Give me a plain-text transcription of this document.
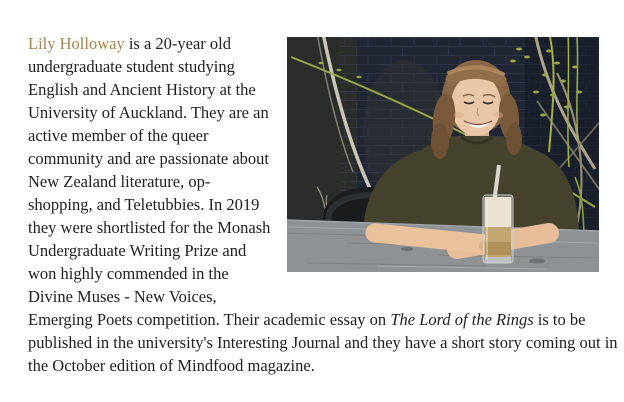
Lily Holloway is a 20-year old
undergraduate student studying
English and Ancient History at the
University of Auckland. They are an
active member of the queer
community and are passionate about
New Zealand literature, op-
shopping, and Teletubbies. In 2019
they were shortlisted for the Monash
Undergraduate Writing Prize and
won highly commended in the
Divine Muses - New Voices,
Emerging Poets competition. Their academic essay on The Lord of the Rings is to be
published in the university's Interesting Journal and they have a short story coming out in
the October edition of Mindfood magazine.
